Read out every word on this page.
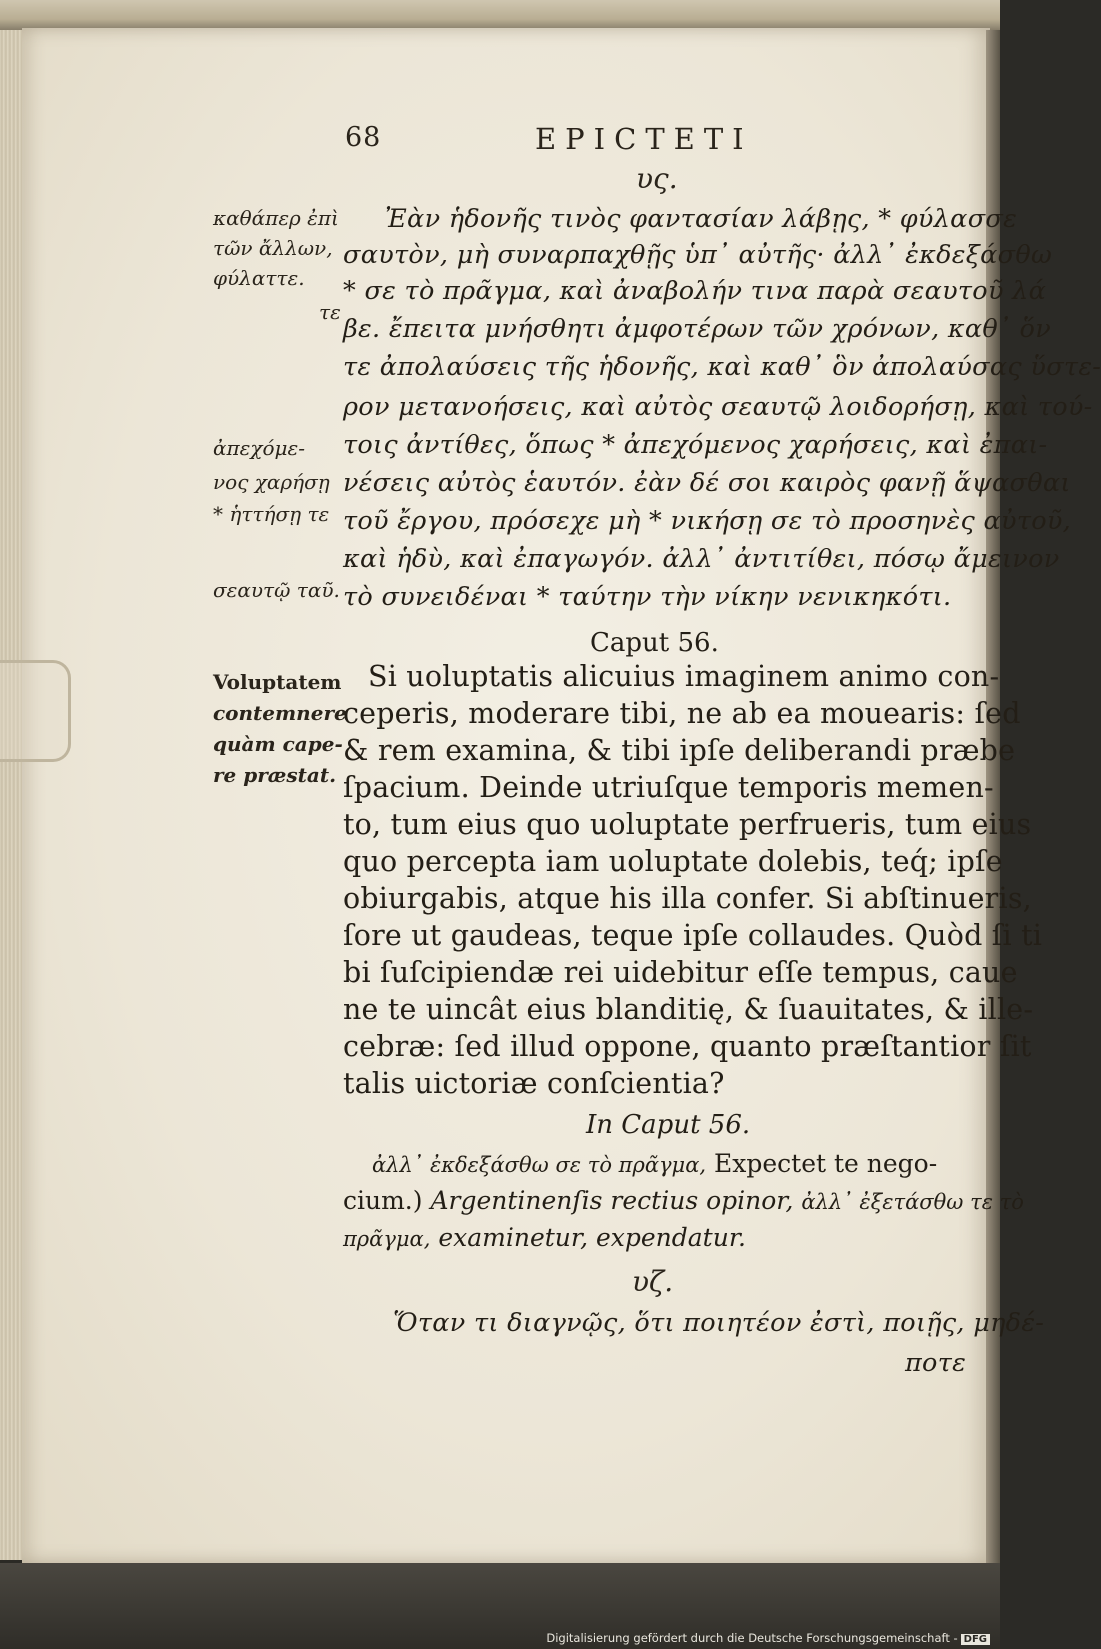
68	EPICTETI
υς.
καθάπερ ἐπὶ
τῶν ἄλλων,
φύλαττε.
τε
ἀπεχόμε-
νος χαρήσῃ
* ἡττήσῃ τε
σεαυτῷ ταῦ.
Ἐὰν ἡδονῆς τινὸς φαντασίαν λάβῃς, * φύλασσε
σαυτὸν, μὴ συναρπαχθῇς ὑπ᾽ αὐτῆς· ἀλλ᾽ ἐκδεξάσθω
* σε τὸ πρᾶγμα, καὶ ἀναβολήν τινα παρὰ σεαυτοῦ λά
βε. ἔπειτα μνήσθητι ἀμφοτέρων τῶν χρόνων, καθ᾽ ὅν
τε ἀπολαύσεις τῆς ἡδονῆς, καὶ καθ᾽ ὃν ἀπολαύσας ὕστε-
ρον μετανοήσεις, καὶ αὐτὸς σεαυτῷ λοιδορήσῃ, καὶ τού-
τοις ἀντίθες, ὅπως * ἀπεχόμενος χαρήσεις, καὶ ἐπαι-
νέσεις αὐτὸς ἑαυτόν. ἐὰν δέ σοι καιρὸς φανῇ ἅψασθαι
τοῦ ἔργου, πρόσεχε μὴ * νικήσῃ σε τὸ προσηνὲς αὐτοῦ,
καὶ ἡδὺ, καὶ ἐπαγωγόν. ἀλλ᾽ ἀντιτίθει, πόσῳ ἄμεινον
τὸ συνειδέναι * ταύτην τὴν νίκην νενικηκότι.
Caput 56.
Voluptatem
contemnere
quàm cape-
re præstat.
Si uoluptatis alicuius imaginem animo con-
ceperis, moderare tibi, ne ab ea mouearis: ſed
& rem examina, & tibi ipſe deliberandi præbe
ſpacium. Deinde utriuſque temporis memen-
to, tum eius quo uoluptate perfrueris, tum eius
quo percepta iam uoluptate dolebis, teq́; ipſe
obiurgabis, atque his illa confer. Si abſtinueris,
ſore ut gaudeas, teque ipſe collaudes. Quòd ſi ti
bi ſuſcipiendæ rei uidebitur eſſe tempus, caue
ne te uincât eius blanditię, & ſuauitates, & ille-
cebræ: ſed illud oppone, quanto præſtantior ſit
talis uictoriæ conſcientia?
In Caput 56.
ἀλλ᾽ ἐκδεξάσθω σε τὸ πρᾶγμα, Expectet te nego-
cium.) Argentinenſis rectius opinor, ἀλλ᾽ ἐξετάσθω τε τὸ
πρᾶγμα, examinetur, expendatur.
υζ.
Ὅταν τι διαγνῷς, ὅτι ποιητέον ἐστὶ, ποιῇς, μηδέ-
ποτε
Digitalisierung gefördert durch die Deutsche Forschungsgemeinschaft - DFG
